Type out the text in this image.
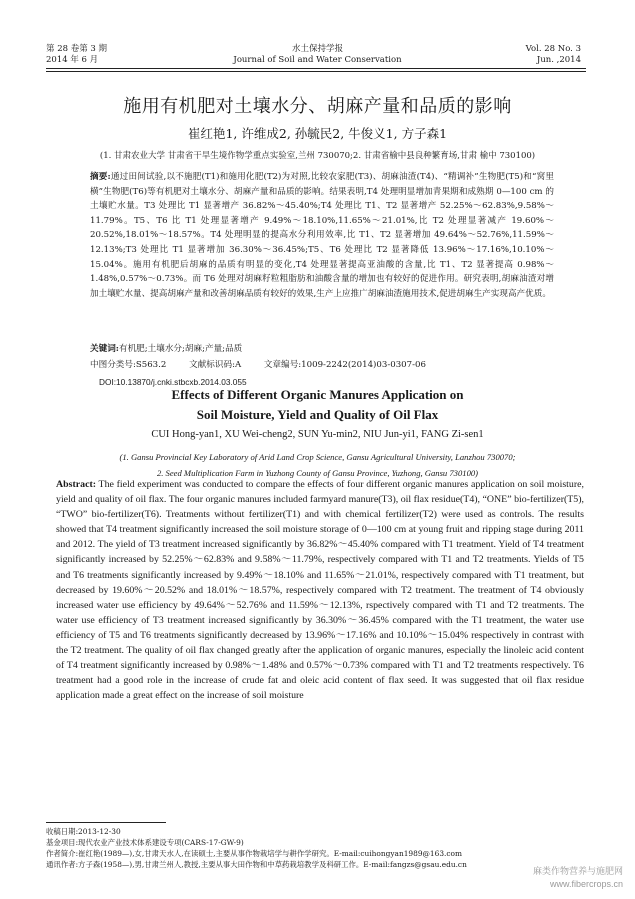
第 28 卷第 3 期
2014 年 6 月
水土保持学报
Journal of Soil and Water Conservation
Vol. 28 No. 3
Jun. ,2014
施用有机肥对土壤水分、胡麻产量和品质的影响
崔红艳1, 许维成2, 孙毓民2, 牛俊义1, 方子森1
(1. 甘肃农业大学 甘肃省干旱生境作物学重点实验室,兰州 730070;2. 甘肃省榆中县良种繁育场,甘肃 榆中 730100)

摘要:通过田间试验,以不施肥(T1)和施用化肥(T2)为对照,比较农家肥(T3)、胡麻油渣(T4)、“精调补”生物肥(T5)和“窝里横”生物肥(T6)等有机肥对土壤水分、胡麻产量和品质的影响。结果表明,T4 处理明显增加青果期和成熟期 0—100 cm 的土壤贮水量。T3 处理比 T1 显著增产 36.82%～45.40%;T4 处理比 T1、T2 显著增产 52.25%～62.83%,9.58%～11.79%。T5、T6 比 T1 处理显著增产 9.49%～18.10%,11.65%～21.01%,比 T2 处理显著减产 19.60%～20.52%,18.01%～18.57%。T4 处理明显的提高水分利用效率,比 T1、T2 显著增加 49.64%～52.76%,11.59%～12.13%;T3 处理比 T1 显著增加 36.30%～36.45%;T5、T6 处理比 T2 显著降低 13.96%～17.16%,10.10%～15.04%。施用有机肥后胡麻的品质有明显的变化,T4 处理显著提高亚油酸的含量,比 T1、T2 显著提高 0.98%～1.48%,0.57%～0.73%。而 T6 处理对胡麻籽粒粗脂肪和油酸含量的增加也有较好的促进作用。研究表明,胡麻油渣对增加土壤贮水量、提高胡麻产量和改善胡麻品质有较好的效果,生产上应推广胡麻油渣施用技术,促进胡麻生产实现高产优质。

关键词:有机肥;土壤水分;胡麻;产量;品质
中图分类号:S563.2	文献标识码:A	文章编号:1009-2242(2014)03-0307-06
DOI:10.13870/j.cnki.stbcxb.2014.03.055
Effects of Different Organic Manures Application on
Soil Moisture, Yield and Quality of Oil Flax
CUI Hong-yan1, XU Wei-cheng2, SUN Yu-min2, NIU Jun-yi1, FANG Zi-sen1
(1. Gansu Provincial Key Laboratory of Arid Land Crop Science, Gansu Agricultural University, Lanzhou 730070;
2. Seed Multiplication Farm in Yuzhong County of Gansu Province, Yuzhong, Gansu 730100)
Abstract: The field experiment was conducted to compare the effects of four different organic manures application on soil moisture, yield and quality of oil flax. The four organic manures included farmyard manure(T3), oil flax residue(T4), “ONE” bio-fertilizer(T5), “TWO” bio-fertilizer(T6). Treatments without fertilizer(T1) and with chemical fertilizer(T2) were used as controls. The results showed that T4 treatment significantly increased the soil moisture storage of 0—100 cm at young fruit and ripping stage during 2011 and 2012. The yield of T3 treatment increased significantly by 36.82%～45.40% compared with T1 treatment. Yield of T4 treatment significantly increased by 52.25%～62.83% and 9.58%～11.79%, respectively compared with T1 and T2 treatments. Yields of T5 and T6 treatments significantly increased by 9.49%～18.10% and 11.65%～21.01%, respectively compared with T1 treatment, but decreased by 19.60%～20.52% and 18.01%～18.57%, respectively compared with T2 treatment. The treatment of T4 obviously increased water use efficiency by 49.64%～52.76% and 11.59%～12.13%, rspectively compared with T1 and T2 treatments. The water use efficiency of T3 treatment increased significantly by 36.30%～36.45% compared with the T1 treatment, the water use efficiency of T5 and T6 treatments significantly decreased by 13.96%～17.16% and 10.10%～15.04% respectively in contrast with the T2 treatment. The quality of oil flax changed greatly after the application of organic manures, especially the linoleic acid content of T4 treatment significantly increased by 0.98%～1.48% and 0.57%～0.73% compared with T1 and T2 treatments respectively. T6 treatment had a good role in the increase of crude fat and oleic acid content of flax seed. It was suggested that oil flax residue application made a great effect on the increase of soil moisture

收稿日期:2013-12-30

基金项目:现代农业产业技术体系建设专项(CARS-17-GW-9)

作者简介:崔红艳(1989—),女,甘肃天水人,在读硕士,主要从事作物栽培学与耕作学研究。E-mail:cuihongyan1989@163.com

通讯作者:方子森(1958—),男,甘肃兰州人,教授,主要从事大田作物和中草药栽培教学及科研工作。E-mail:fangzs@gsau.edu.cn

麻类作物营养与施肥网
www.fibercrops.cn
